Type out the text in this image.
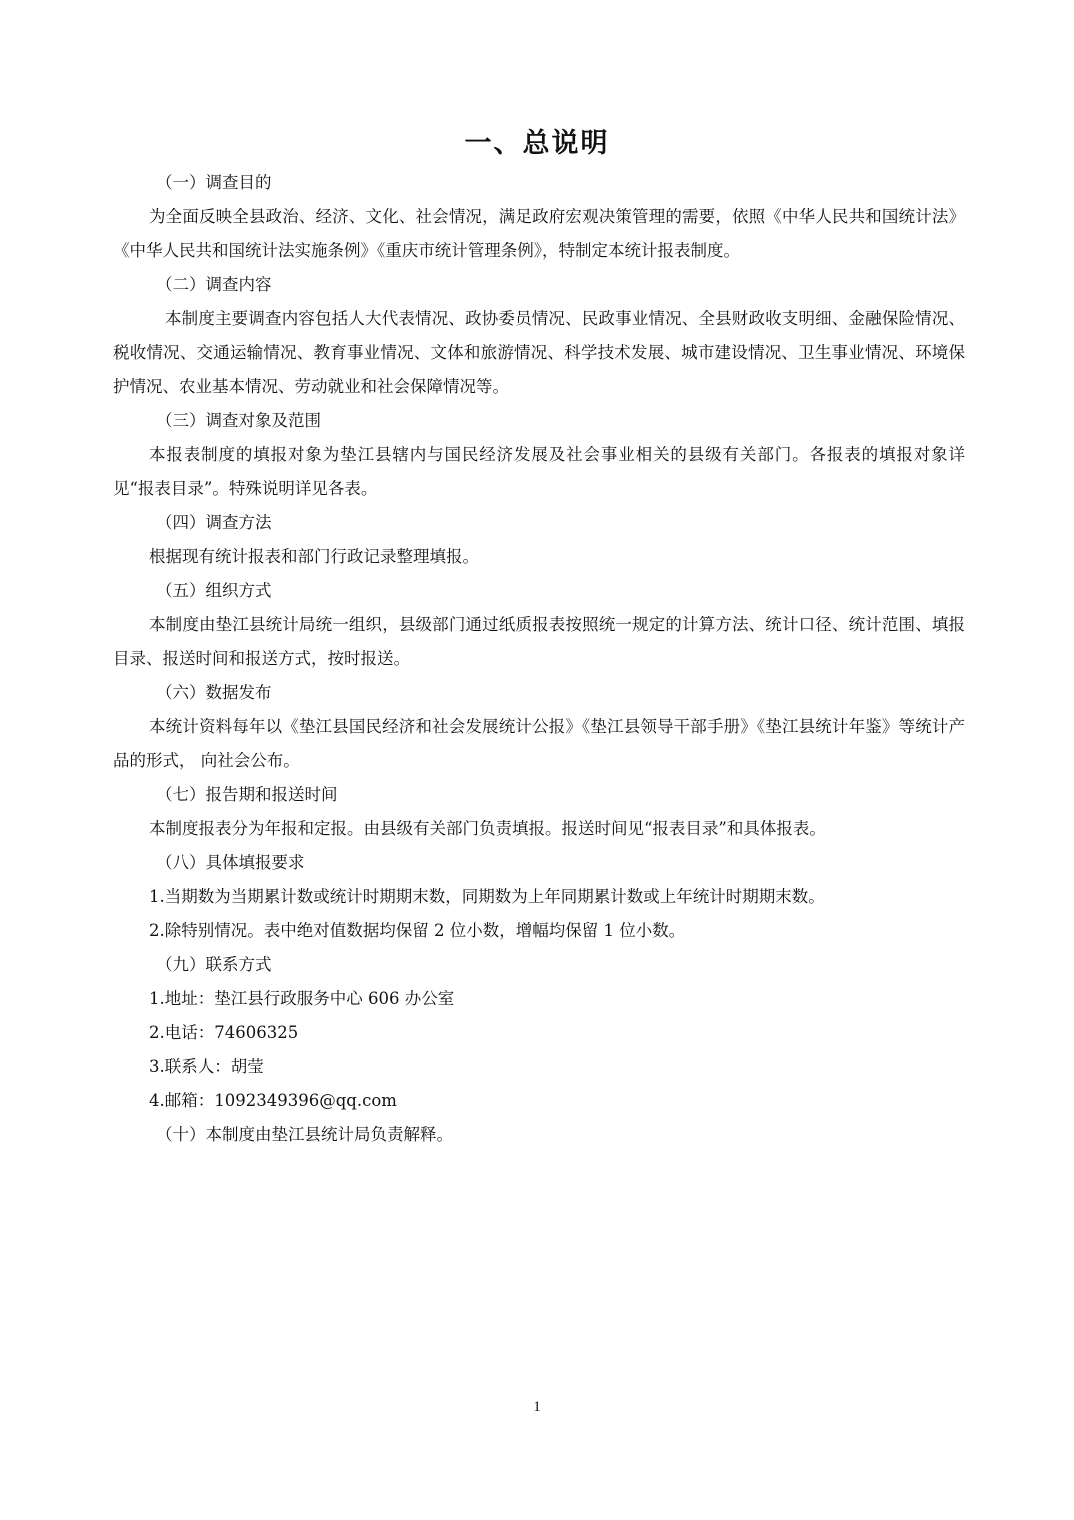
一、总说明

（一）调查目的

为全面反映全县政治、经济、文化、社会情况，满足政府宏观决策管理的需要，依照《中华人民共和国统计法》《中华人民共和国统计法实施条例》《重庆市统计管理条例》，特制定本统计报表制度。

（二）调查内容

本制度主要调查内容包括人大代表情况、政协委员情况、民政事业情况、全县财政收支明细、金融保险情况、税收情况、交通运输情况、教育事业情况、文体和旅游情况、科学技术发展、城市建设情况、卫生事业情况、环境保护情况、农业基本情况、劳动就业和社会保障情况等。

（三）调查对象及范围

本报表制度的填报对象为垫江县辖内与国民经济发展及社会事业相关的县级有关部门。各报表的填报对象详见“报表目录”。特殊说明详见各表。

（四）调查方法

根据现有统计报表和部门行政记录整理填报。

（五）组织方式

本制度由垫江县统计局统一组织，县级部门通过纸质报表按照统一规定的计算方法、统计口径、统计范围、填报目录、报送时间和报送方式，按时报送。

（六）数据发布

本统计资料每年以《垫江县国民经济和社会发展统计公报》《垫江县领导干部手册》《垫江县统计年鉴》等统计产品的形式， 向社会公布。

（七）报告期和报送时间

本制度报表分为年报和定报。由县级有关部门负责填报。报送时间见“报表目录”和具体报表。

（八）具体填报要求

1.当期数为当期累计数或统计时期期末数，同期数为上年同期累计数或上年统计时期期末数。

2.除特别情况。表中绝对值数据均保留 2 位小数，增幅均保留 1 位小数。

（九）联系方式

1.地址：垫江县行政服务中心 606 办公室

2.电话：74606325

3.联系人：胡莹

4.邮箱：1092349396@qq.com

（十）本制度由垫江县统计局负责解释。

1
